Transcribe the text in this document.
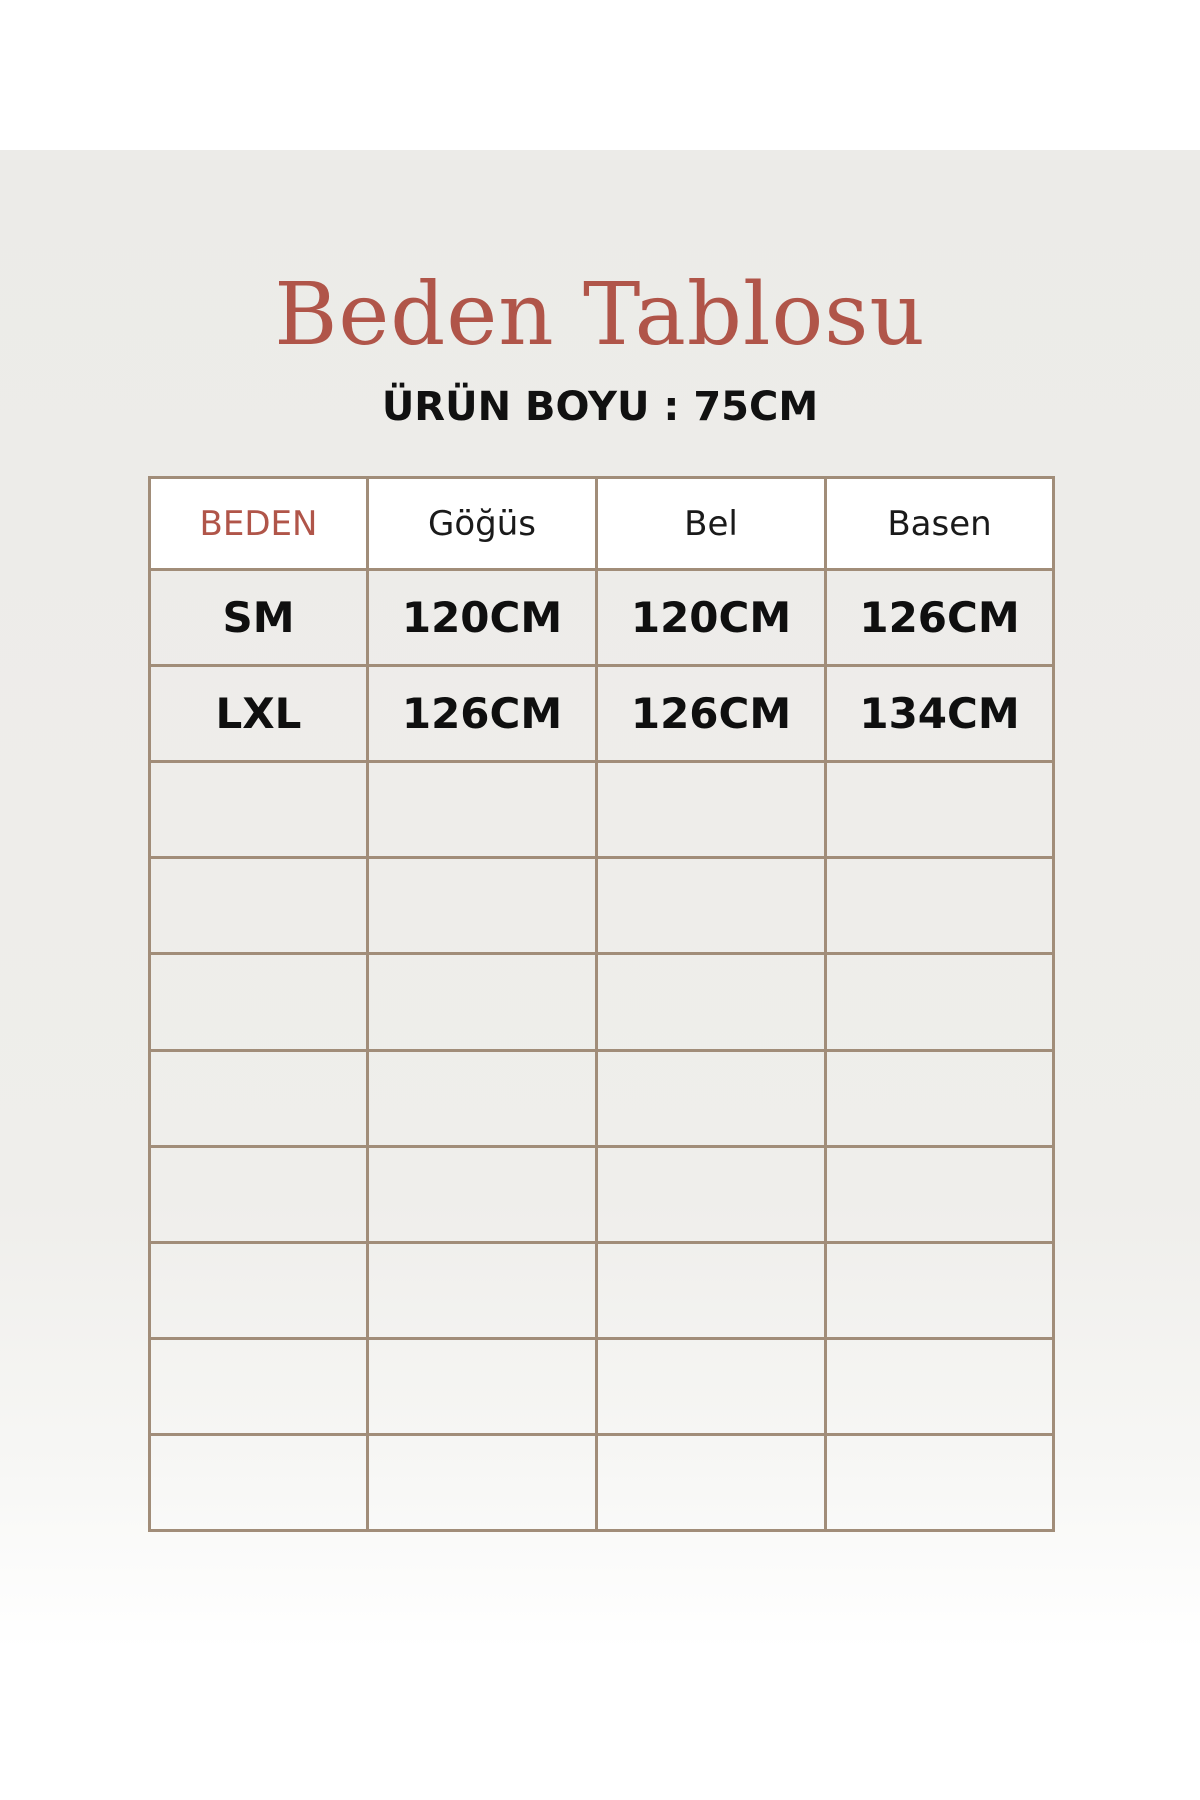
Beden Tablosu
ÜRÜN BOYU : 75CM
BEDEN	Göğüs	Bel	Basen
SM	120CM	120CM	126CM
LXL	126CM	126CM	134CM
